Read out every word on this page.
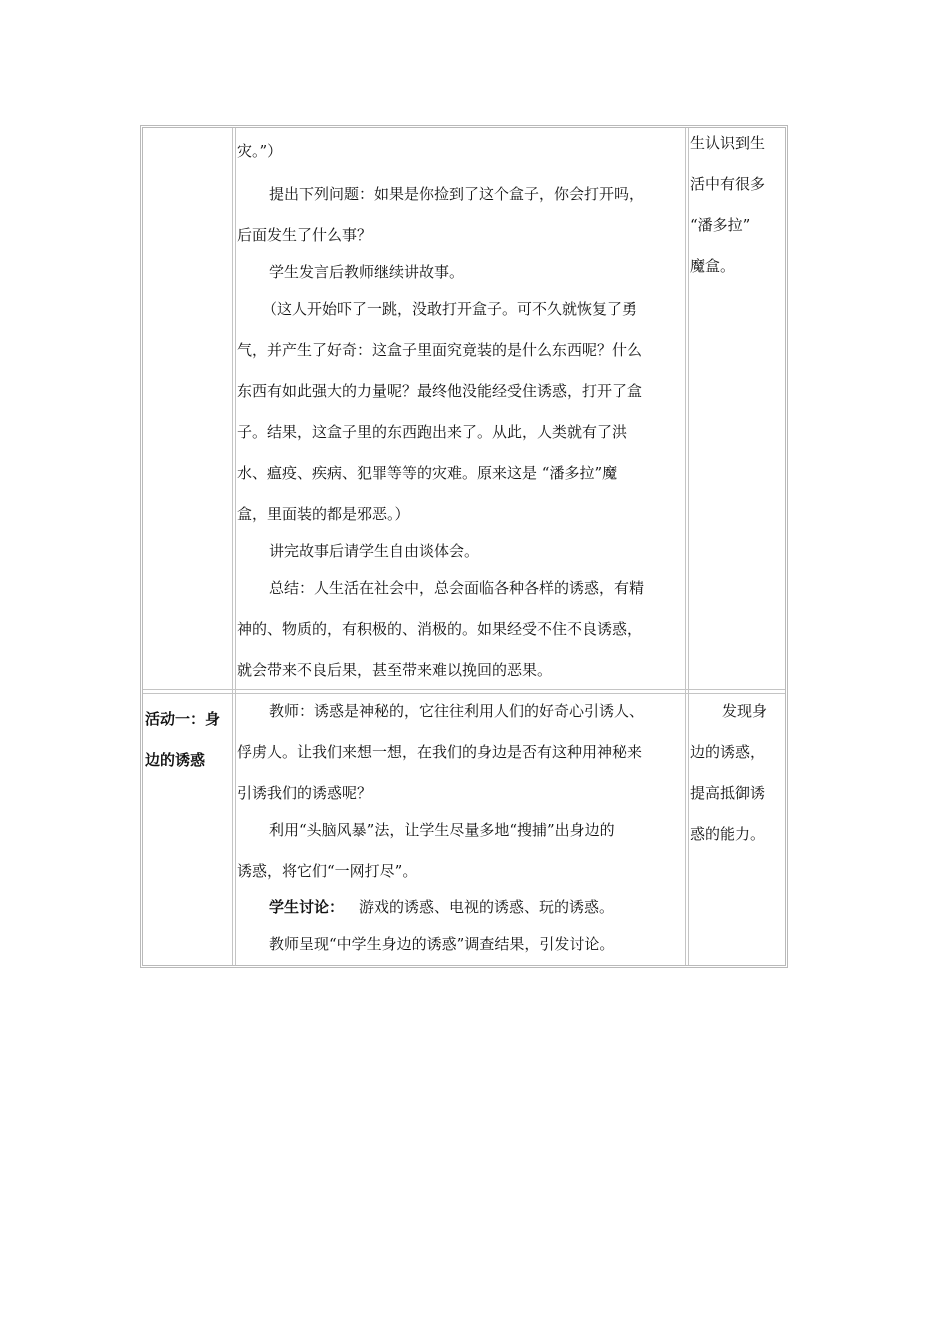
灾。”）
提出下列问题：如果是你捡到了这个盒子，你会打开吗，
后面发生了什么事？
学生发言后教师继续讲故事。
（这人开始吓了一跳，没敢打开盒子。可不久就恢复了勇
气，并产生了好奇：这盒子里面究竟装的是什么东西呢？什么
东西有如此强大的力量呢？最终他没能经受住诱惑，打开了盒
子。结果，这盒子里的东西跑出来了。从此，人类就有了洪
水、瘟疫、疾病、犯罪等等的灾难。原来这是 “潘多拉”魔
盒，里面装的都是邪恶。）
讲完故事后请学生自由谈体会。
总结：人生活在社会中，总会面临各种各样的诱惑，有精
神的、物质的，有积极的、消极的。如果经受不住不良诱惑，
就会带来不良后果，甚至带来难以挽回的恶果。
生认识到生
活中有很多
“潘多拉”
魔盒。
活动一：身
边的诱惑
教师：诱惑是神秘的，它往往利用人们的好奇心引诱人、
俘虏人。让我们来想一想，在我们的身边是否有这种用神秘来
引诱我们的诱惑呢？
利用“头脑风暴”法，让学生尽量多地“搜捕”出身边的
诱惑，将它们“一网打尽”。
学生讨论： 游戏的诱惑、电视的诱惑、玩的诱惑。
教师呈现“中学生身边的诱惑”调查结果，引发讨论。
发现身
边的诱惑，
提高抵御诱
惑的能力。
